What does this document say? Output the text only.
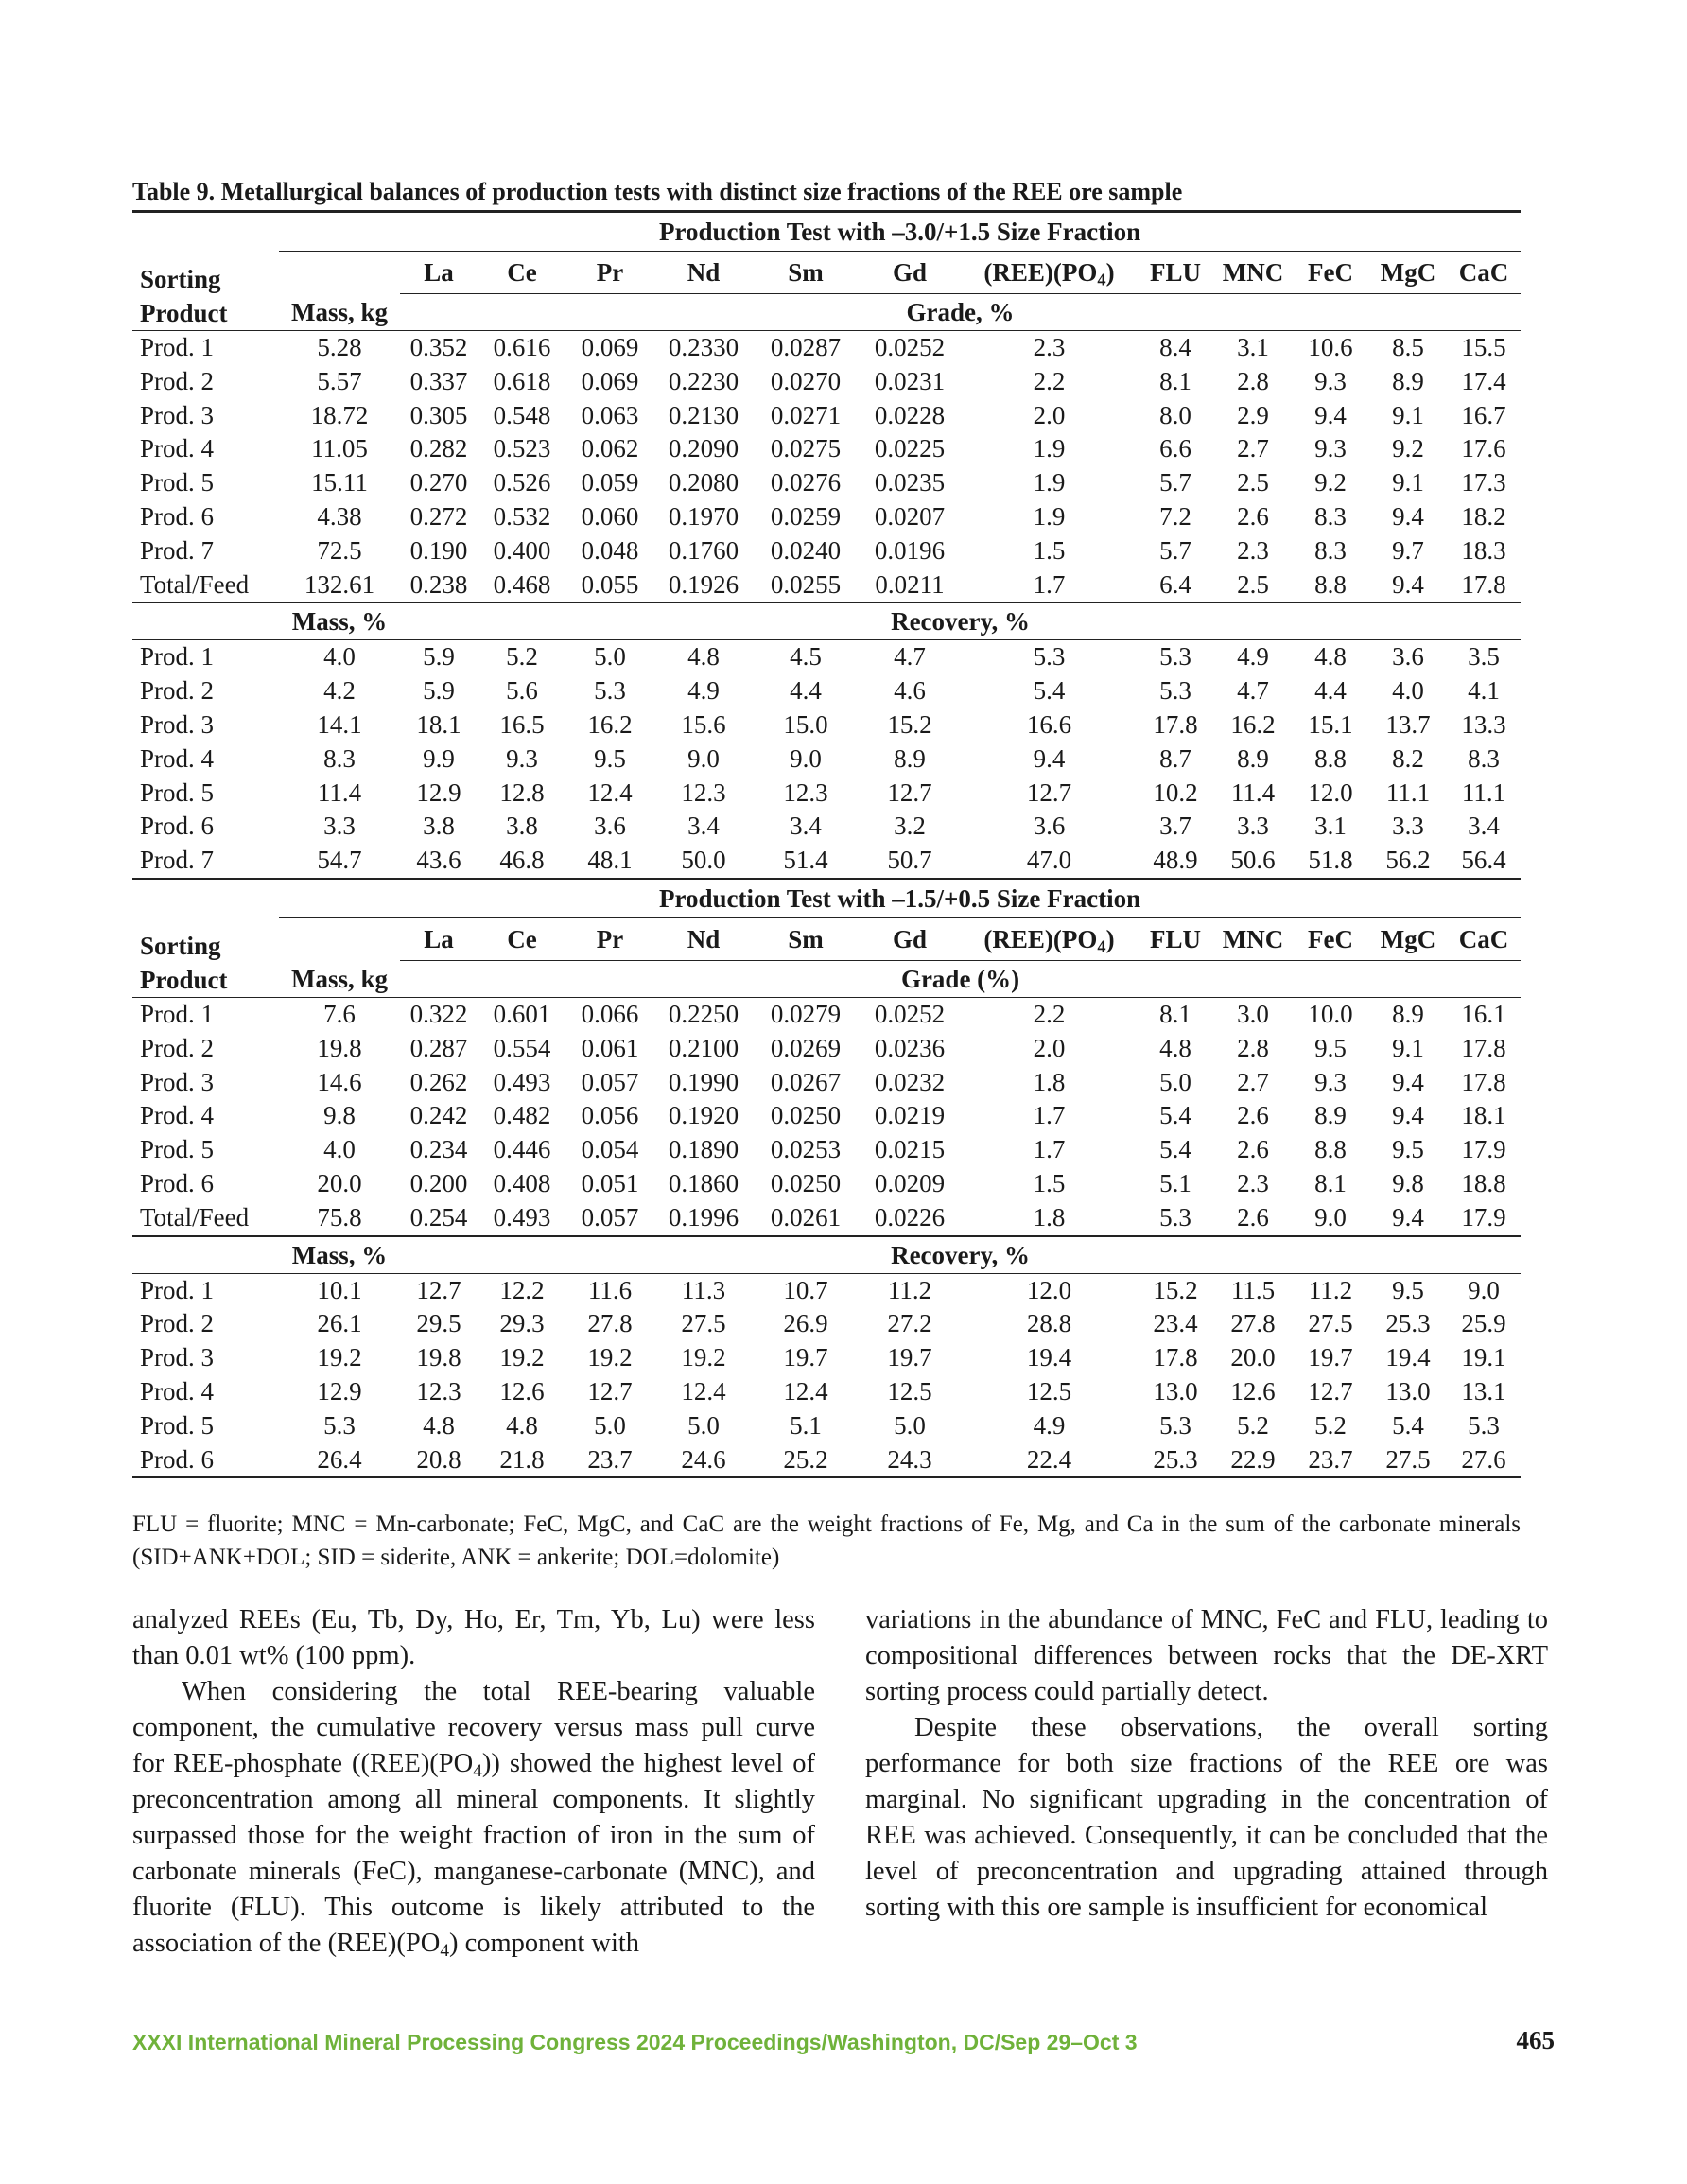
Table 9. Metallurgical balances of production tests with distinct size fractions of the REE ore sample
	Production Test with –3.0/+1.5 Size Fraction												

Sorting
Product		La	Ce	Pr	Nd	Sm	Gd	$(REE)(PO_4)$	FLU	MNC	FeC	MgC	CaC
	Mass, kg	Grade, %											
Prod. 1	5.28	0.352	0.616	0.069	0.2330	0.0287	0.0252	2.3	8.4	3.1	10.6	8.5	15.5
Prod. 2	5.57	0.337	0.618	0.069	0.2230	0.0270	0.0231	2.2	8.1	2.8	9.3	8.9	17.4
Prod. 3	18.72	0.305	0.548	0.063	0.2130	0.0271	0.0228	2.0	8.0	2.9	9.4	9.1	16.7
Prod. 4	11.05	0.282	0.523	0.062	0.2090	0.0275	0.0225	1.9	6.6	2.7	9.3	9.2	17.6
Prod. 5	15.11	0.270	0.526	0.059	0.2080	0.0276	0.0235	1.9	5.7	2.5	9.2	9.1	17.3
Prod. 6	4.38	0.272	0.532	0.060	0.1970	0.0259	0.0207	1.9	7.2	2.6	8.3	9.4	18.2
Prod. 7	72.5	0.190	0.400	0.048	0.1760	0.0240	0.0196	1.5	5.7	2.3	8.3	9.7	18.3
Total/Feed	132.61	0.238	0.468	0.055	0.1926	0.0255	0.0211	1.7	6.4	2.5	8.8	9.4	17.8
	Mass, %	Recovery, %											
Prod. 1	4.0	5.9	5.2	5.0	4.8	4.5	4.7	5.3	5.3	4.9	4.8	3.6	3.5
Prod. 2	4.2	5.9	5.6	5.3	4.9	4.4	4.6	5.4	5.3	4.7	4.4	4.0	4.1
Prod. 3	14.1	18.1	16.5	16.2	15.6	15.0	15.2	16.6	17.8	16.2	15.1	13.7	13.3
Prod. 4	8.3	9.9	9.3	9.5	9.0	9.0	8.9	9.4	8.7	8.9	8.8	8.2	8.3
Prod. 5	11.4	12.9	12.8	12.4	12.3	12.3	12.7	12.7	10.2	11.4	12.0	11.1	11.1
Prod. 6	3.3	3.8	3.8	3.6	3.4	3.4	3.2	3.6	3.7	3.3	3.1	3.3	3.4
Prod. 7	54.7	43.6	46.8	48.1	50.0	51.4	50.7	47.0	48.9	50.6	51.8	56.2	56.4
	Production Test with –1.5/+0.5 Size Fraction												

Sorting
Product		La	Ce	Pr	Nd	Sm	Gd	$(REE)(PO_4)$	FLU	MNC	FeC	MgC	CaC
	Mass, kg	Grade (%)											
Prod. 1	7.6	0.322	0.601	0.066	0.2250	0.0279	0.0252	2.2	8.1	3.0	10.0	8.9	16.1
Prod. 2	19.8	0.287	0.554	0.061	0.2100	0.0269	0.0236	2.0	4.8	2.8	9.5	9.1	17.8
Prod. 3	14.6	0.262	0.493	0.057	0.1990	0.0267	0.0232	1.8	5.0	2.7	9.3	9.4	17.8
Prod. 4	9.8	0.242	0.482	0.056	0.1920	0.0250	0.0219	1.7	5.4	2.6	8.9	9.4	18.1
Prod. 5	4.0	0.234	0.446	0.054	0.1890	0.0253	0.0215	1.7	5.4	2.6	8.8	9.5	17.9
Prod. 6	20.0	0.200	0.408	0.051	0.1860	0.0250	0.0209	1.5	5.1	2.3	8.1	9.8	18.8
Total/Feed	75.8	0.254	0.493	0.057	0.1996	0.0261	0.0226	1.8	5.3	2.6	9.0	9.4	17.9
	Mass, %	Recovery, %											
Prod. 1	10.1	12.7	12.2	11.6	11.3	10.7	11.2	12.0	15.2	11.5	11.2	9.5	9.0
Prod. 2	26.1	29.5	29.3	27.8	27.5	26.9	27.2	28.8	23.4	27.8	27.5	25.3	25.9
Prod. 3	19.2	19.8	19.2	19.2	19.2	19.7	19.7	19.4	17.8	20.0	19.7	19.4	19.1
Prod. 4	12.9	12.3	12.6	12.7	12.4	12.4	12.5	12.5	13.0	12.6	12.7	13.0	13.1
Prod. 5	5.3	4.8	4.8	5.0	5.0	5.1	5.0	4.9	5.3	5.2	5.2	5.4	5.3
Prod. 6	26.4	20.8	21.8	23.7	24.6	25.2	24.3	22.4	25.3	22.9	23.7	27.5	27.6
FLU = fluorite; MNC = Mn-carbonate; FeC, MgC, and CaC are the weight fractions of Fe, Mg, and Ca in the sum of the carbonate minerals (SID+ANK+DOL; SID = siderite, ANK = ankerite; DOL=dolomite)

analyzed REEs (Eu, Tb, Dy, Ho, Er, Tm, Yb, Lu) were less than 0.01 wt% (100 ppm).

When considering the total REE-bearing valuable component, the cumulative recovery versus mass pull curve for REE-phosphate $((REE)(PO_4))$ showed the highest level of preconcentration among all mineral components. It slightly surpassed those for the weight fraction of iron in the sum of carbonate minerals (FeC), manganese-carbonate (MNC), and fluorite (FLU). This outcome is likely attributed to the association of the $(REE)(PO_4)$ component with

variations in the abundance of MNC, FeC and FLU, leading to compositional differences between rocks that the DE-XRT sorting process could partially detect.

Despite these observations, the overall sorting performance for both size fractions of the REE ore was marginal. No significant upgrading in the concentration of REE was achieved. Consequently, it can be concluded that the level of preconcentration and upgrading attained through sorting with this ore sample is insufficient for economical

XXXI International Mineral Processing Congress 2024 Proceedings/Washington, DC/Sep 29–Oct 3	465
